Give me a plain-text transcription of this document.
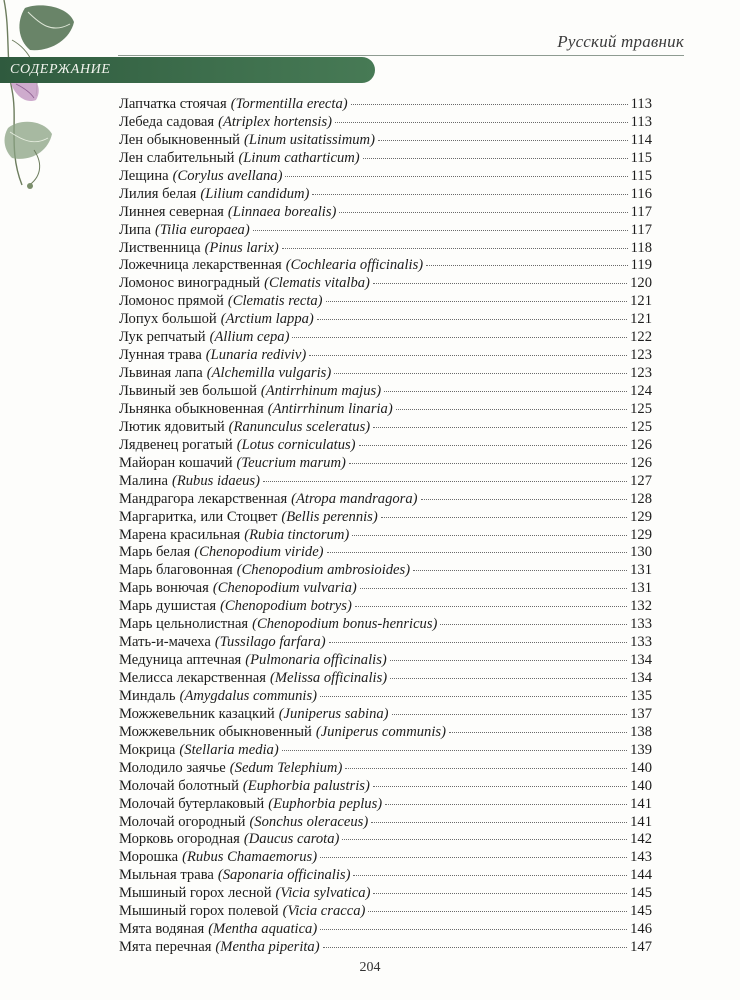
Русский травник
СОДЕРЖАНИЕ
Лапчатка стоячая (Tormentilla erecta)	113
Лебеда садовая (Atriplex hortensis)	113
Лен обыкновенный (Linum usitatissimum)	114
Лен слабительный (Linum catharticum)	115
Лещина (Corylus avellana)	115
Лилия белая (Lilium candidum)	116
Линнея северная (Linnaea borealis)	117
Липа (Tilia europaea)	117
Лиственница (Pinus larix)	118
Ложечница лекарственная (Cochlearia officinalis)	119
Ломонос виноградный (Clematis vitalba)	120
Ломонос прямой (Clematis recta)	121
Лопух большой (Arctium lappa)	121
Лук репчатый (Allium cepa)	122
Лунная трава (Lunaria rediviv)	123
Львиная лапа (Alchemilla vulgaris)	123
Львиный зев большой (Antirrhinum majus)	124
Льнянка обыкновенная (Antirrhinum linaria)	125
Лютик ядовитый (Ranunculus sceleratus)	125
Лядвенец рогатый (Lotus corniculatus)	126
Майоран кошачий (Teucrium marum)	126
Малина (Rubus idaeus)	127
Мандрагора лекарственная (Atropa mandragora)	128
Маргаритка, или Стоцвет (Bellis perennis)	129
Марена красильная (Rubia tinctorum)	129
Марь белая (Chenopodium viride)	130
Марь благовонная (Chenopodium ambrosioides)	131
Марь вонючая (Chenopodium vulvaria)	131
Марь душистая (Chenopodium botrys)	132
Марь цельнолистная (Chenopodium bonus-henricus)	133
Мать-и-мачеха (Tussilago farfara)	133
Медуница аптечная (Pulmonaria officinalis)	134
Мелисса лекарственная (Melissa officinalis)	134
Миндаль (Amygdalus communis)	135
Можжевельник казацкий (Juniperus sabina)	137
Можжевельник обыкновенный (Juniperus communis)	138
Мокрица (Stellaria media)	139
Молодило заячье (Sedum Telephium)	140
Молочай болотный (Euphorbia palustris)	140
Молочай бутерлаковый (Euphorbia peplus)	141
Молочай огородный (Sonchus oleraceus)	141
Морковь огородная (Daucus carota)	142
Морошка (Rubus Chamaemorus)	143
Мыльная трава (Saponaria officinalis)	144
Мышиный горох лесной (Vicia sylvatica)	145
Мышиный горох полевой (Vicia cracca)	145
Мята водяная (Mentha aquatica)	146
Мята перечная (Mentha piperita)	147
204
